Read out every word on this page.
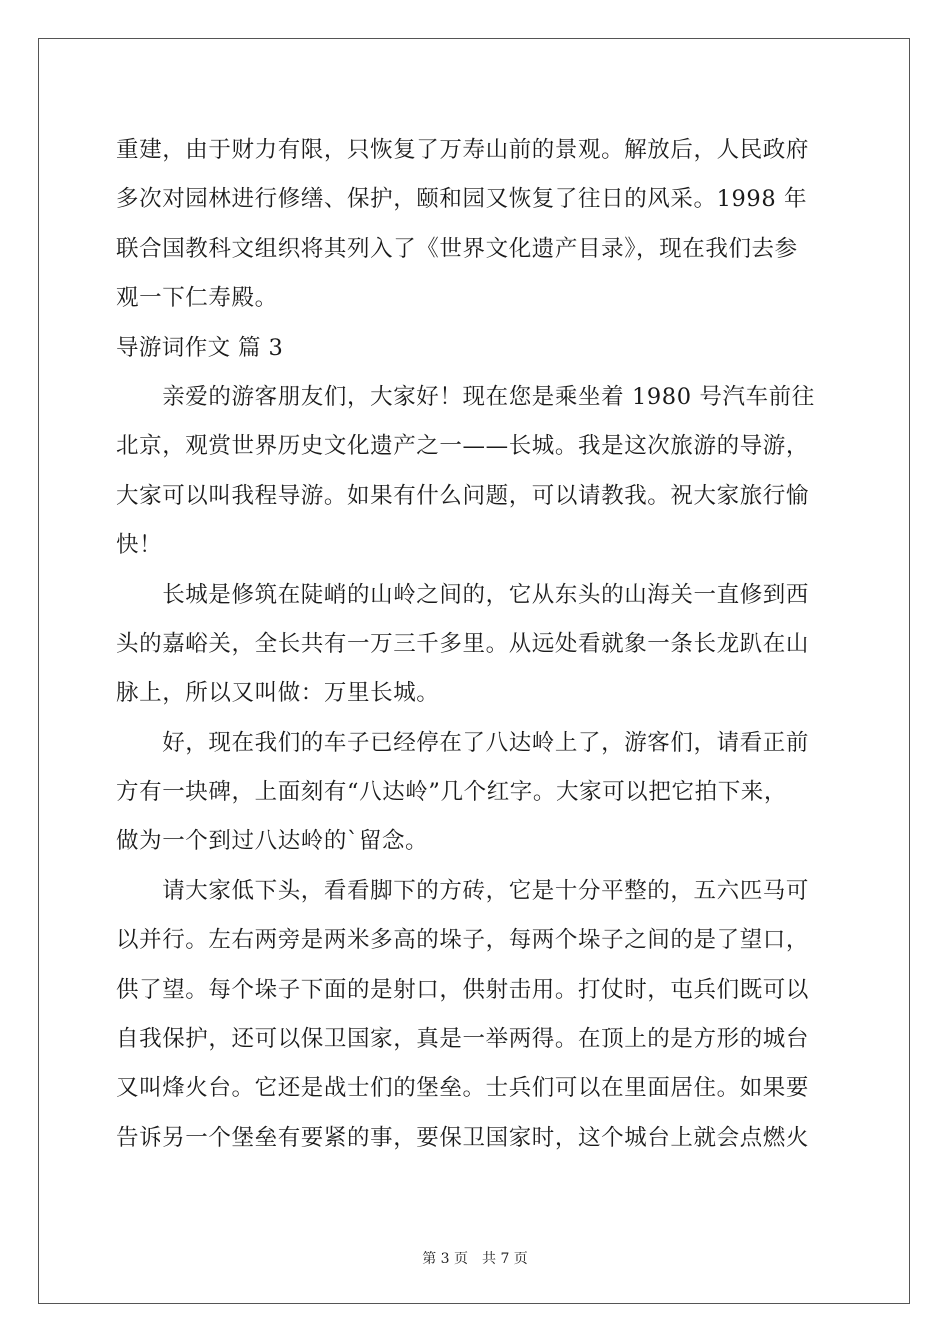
重建，由于财力有限，只恢复了万寿山前的景观。解放后，人民政府
多次对园林进行修缮、保护，颐和园又恢复了往日的风采。1998 年
联合国教科文组织将其列入了《世界文化遗产目录》，现在我们去参
观一下仁寿殿。
导游词作文 篇 3
　　亲爱的游客朋友们，大家好！现在您是乘坐着 1980 号汽车前往
北京，观赏世界历史文化遗产之一——长城。我是这次旅游的导游，
大家可以叫我程导游。如果有什么问题，可以请教我。祝大家旅行愉
快！
　　长城是修筑在陡峭的山岭之间的，它从东头的山海关一直修到西
头的嘉峪关，全长共有一万三千多里。从远处看就象一条长龙趴在山
脉上，所以又叫做：万里长城。
　　好，现在我们的车子已经停在了八达岭上了，游客们，请看正前
方有一块碑，上面刻有“八达岭”几个红字。大家可以把它拍下来，
做为一个到过八达岭的`留念。
　　请大家低下头，看看脚下的方砖，它是十分平整的，五六匹马可
以并行。左右两旁是两米多高的垛子，每两个垛子之间的是了望口，
供了望。每个垛子下面的是射口，供射击用。打仗时，屯兵们既可以
自我保护，还可以保卫国家，真是一举两得。在顶上的是方形的城台
又叫烽火台。它还是战士们的堡垒。士兵们可以在里面居住。如果要
告诉另一个堡垒有要紧的事，要保卫国家时，这个城台上就会点燃火
第 3 页　共 7 页
